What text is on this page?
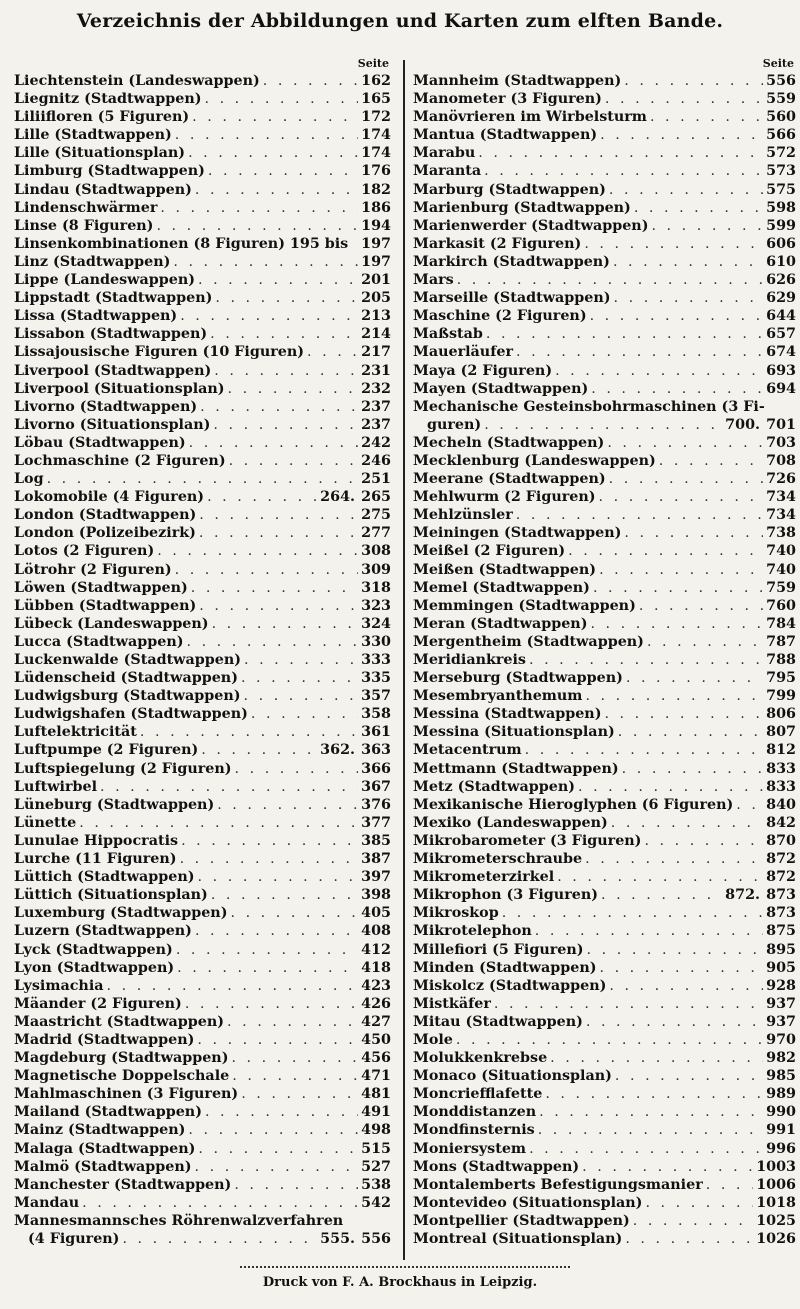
Verzeichnis der Abbildungen und Karten zum elften Bande.
Seite
Liechtenstein (Landeswappen) . . .	162
Liegnitz (Stadtwappen) . . .	165
Liliifloren (5 Figuren) . . .	172
Lille (Stadtwappen) . . .	174
Lille (Situationsplan) . . .	174
Limburg (Stadtwappen) . . .	176
Lindau (Stadtwappen) . . .	182
Lindenschwärmer . . .	186
Linse (8 Figuren) . . .	194
Linsenkombinationen (8 Figuren) 195 bis 197
Linz (Stadtwappen) . . .	197
Lippe (Landeswappen) . . .	201
Lippstadt (Stadtwappen) . . .	205
Lissa (Stadtwappen) . . .	213
Lissabon (Stadtwappen) . . .	214
Lissajousische Figuren (10 Figuren) . . .	217
Liverpool (Stadtwappen) . . .	231
Liverpool (Situationsplan) . . .	232
Livorno (Stadtwappen) . . .	237
Livorno (Situationsplan) . . .	237
Löbau (Stadtwappen) . . .	242
Lochmaschine (2 Figuren) . . .	246
Log . . .	251
Lokomobile (4 Figuren) . . .	264. 265
London (Stadtwappen) . . .	275
London (Polizeibezirk) . . .	277
Lotos (2 Figuren) . . .	308
Lötrohr (2 Figuren) . . .	309
Löwen (Stadtwappen) . . .	318
Lübben (Stadtwappen) . . .	323
Lübeck (Landeswappen) . . .	324
Lucca (Stadtwappen) . . .	330
Luckenwalde (Stadtwappen) . . .	333
Lüdenscheid (Stadtwappen) . . .	335
Ludwigsburg (Stadtwappen) . . .	357
Ludwigshafen (Stadtwappen) . . .	358
Luftelektricität . . .	361
Luftpumpe (2 Figuren) . . .	362. 363
Luftspiegelung (2 Figuren) . . .	366
Luftwirbel . . .	367
Lüneburg (Stadtwappen) . . .	376
Lünette . . .	377
Lunulae Hippocratis . . .	385
Lurche (11 Figuren) . . .	387
Lüttich (Stadtwappen) . . .	397
Lüttich (Situationsplan) . . .	398
Luxemburg (Stadtwappen) . . .	405
Luzern (Stadtwappen) . . .	408
Lyck (Stadtwappen) . . .	412
Lyon (Stadtwappen) . . .	418
Lysimachia . . .	423
Mäander (2 Figuren) . . .	426
Maastricht (Stadtwappen) . . .	427
Madrid (Stadtwappen) . . .	450
Magdeburg (Stadtwappen) . . .	456
Magnetische Doppelschale . . .	471
Mahlmaschinen (3 Figuren) . . .	481
Mailand (Stadtwappen) . . .	491
Mainz (Stadtwappen) . . .	498
Malaga (Stadtwappen) . . .	515
Malmö (Stadtwappen) . . .	527
Manchester (Stadtwappen) . . .	538
Mandau . . .	542
Mannesmannsches Röhrenwalzverfahren
(4 Figuren) . . .	555. 556
Seite
Mannheim (Stadtwappen) . . .	556
Manometer (3 Figuren) . . .	559
Manövrieren im Wirbelsturm . . .	560
Mantua (Stadtwappen) . . .	566
Marabu . . .	572
Maranta . . .	573
Marburg (Stadtwappen) . . .	575
Marienburg (Stadtwappen) . . .	598
Marienwerder (Stadtwappen) . . .	599
Markasit (2 Figuren) . . .	606
Markirch (Stadtwappen) . . .	610
Mars . . .	626
Marseille (Stadtwappen) . . .	629
Maschine (2 Figuren) . . .	644
Maßstab . . .	657
Mauerläufer . . .	674
Maya (2 Figuren) . . .	693
Mayen (Stadtwappen) . . .	694
Mechanische Gesteinsbohrmaschinen (3 Fi-
guren) . . .	700. 701
Mecheln (Stadtwappen) . . .	703
Mecklenburg (Landeswappen) . . .	708
Meerane (Stadtwappen) . . .	726
Mehlwurm (2 Figuren) . . .	734
Mehlzünsler . . .	734
Meiningen (Stadtwappen) . . .	738
Meißel (2 Figuren) . . .	740
Meißen (Stadtwappen) . . .	740
Memel (Stadtwappen) . . .	759
Memmingen (Stadtwappen) . . .	760
Meran (Stadtwappen) . . .	784
Mergentheim (Stadtwappen) . . .	787
Meridiankreis . . .	788
Merseburg (Stadtwappen) . . .	795
Mesembryanthemum . . .	799
Messina (Stadtwappen) . . .	806
Messina (Situationsplan) . . .	807
Metacentrum . . .	812
Mettmann (Stadtwappen) . . .	833
Metz (Stadtwappen) . . .	833
Mexikanische Hieroglyphen (6 Figuren) . . . 840
Mexiko (Landeswappen) . . .	842
Mikrobarometer (3 Figuren) . . .	870
Mikrometerschraube . . .	872
Mikrometerzirkel . . .	872
Mikrophon (3 Figuren) . . .	872. 873
Mikroskop . . .	873
Mikrotelephon . . .	875
Millefiori (5 Figuren) . . .	895
Minden (Stadtwappen) . . .	905
Miskolcz (Stadtwappen) . . .	928
Mistkäfer . . .	937
Mitau (Stadtwappen) . . .	937
Mole . . .	970
Molukkenkrebse . . .	982
Monaco (Situationsplan) . . .	985
Moncriefflafette . . .	989
Monddistanzen . . .	990
Mondfinsternis . . .	991
Moniersystem . . .	996
Mons (Stadtwappen) . . .	1003
Montalemberts Befestigungsmanier . . .	1006
Montevideo (Situationsplan) . . .	1018
Montpellier (Stadtwappen) . . .	1025
Montreal (Situationsplan) . . .	1026
Druck von F. A. Brockhaus in Leipzig.
